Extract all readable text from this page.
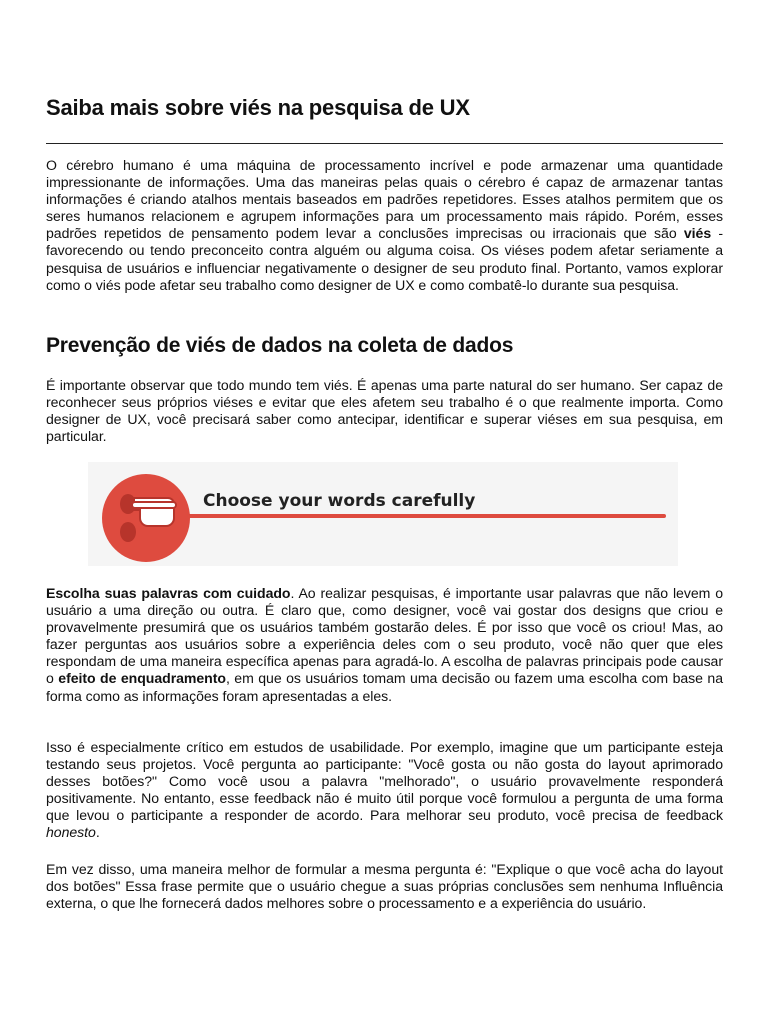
Saiba mais sobre viés na pesquisa de UX

O cérebro humano é uma máquina de processamento incrível e pode armazenar uma quantidade impressionante de informações. Uma das maneiras pelas quais o cérebro é capaz de armazenar tantas informações é criando atalhos mentais baseados em padrões repetidores. Esses atalhos permitem que os seres humanos relacionem e agrupem informações para um processamento mais rápido. Porém, esses padrões repetidos de pensamento podem levar a conclusões imprecisas ou irracionais que são viés - favorecendo ou tendo preconceito contra alguém ou alguma coisa. Os viéses podem afetar seriamente a pesquisa de usuários e influenciar negativamente o designer de seu produto final. Portanto, vamos explorar como o viés pode afetar seu trabalho como designer de UX e como combatê-lo durante sua pesquisa.

Prevenção de viés de dados na coleta de dados

É importante observar que todo mundo tem viés. É apenas uma parte natural do ser humano. Ser capaz de reconhecer seus próprios viéses e evitar que eles afetem seu trabalho é o que realmente importa. Como designer de UX, você precisará saber como antecipar, identificar e superar viéses em sua pesquisa, em particular.

Escolha suas palavras com cuidado. Ao realizar pesquisas, é importante usar palavras que não levem o usuário a uma direção ou outra. É claro que, como designer, você vai gostar dos designs que criou e provavelmente presumirá que os usuários também gostarão deles. É por isso que você os criou! Mas, ao fazer perguntas aos usuários sobre a experiência deles com o seu produto, você não quer que eles respondam de uma maneira específica apenas para agradá-lo. A escolha de palavras principais pode causar o efeito de enquadramento, em que os usuários tomam uma decisão ou fazem uma escolha com base na forma como as informações foram apresentadas a eles.

Isso é especialmente crítico em estudos de usabilidade. Por exemplo, imagine que um participante esteja testando seus projetos. Você pergunta ao participante: "Você gosta ou não gosta do layout aprimorado desses botões?" Como você usou a palavra "melhorado", o usuário provavelmente responderá positivamente. No entanto, esse feedback não é muito útil porque você formulou a pergunta de uma forma que levou o participante a responder de acordo. Para melhorar seu produto, você precisa de feedback honesto.

Em vez disso, uma maneira melhor de formular a mesma pergunta é: "Explique o que você acha do layout dos botões" Essa frase permite que o usuário chegue a suas próprias conclusões sem nenhuma Influência externa, o que lhe fornecerá dados melhores sobre o processamento e a experiência do usuário.

Choose your words carefully
